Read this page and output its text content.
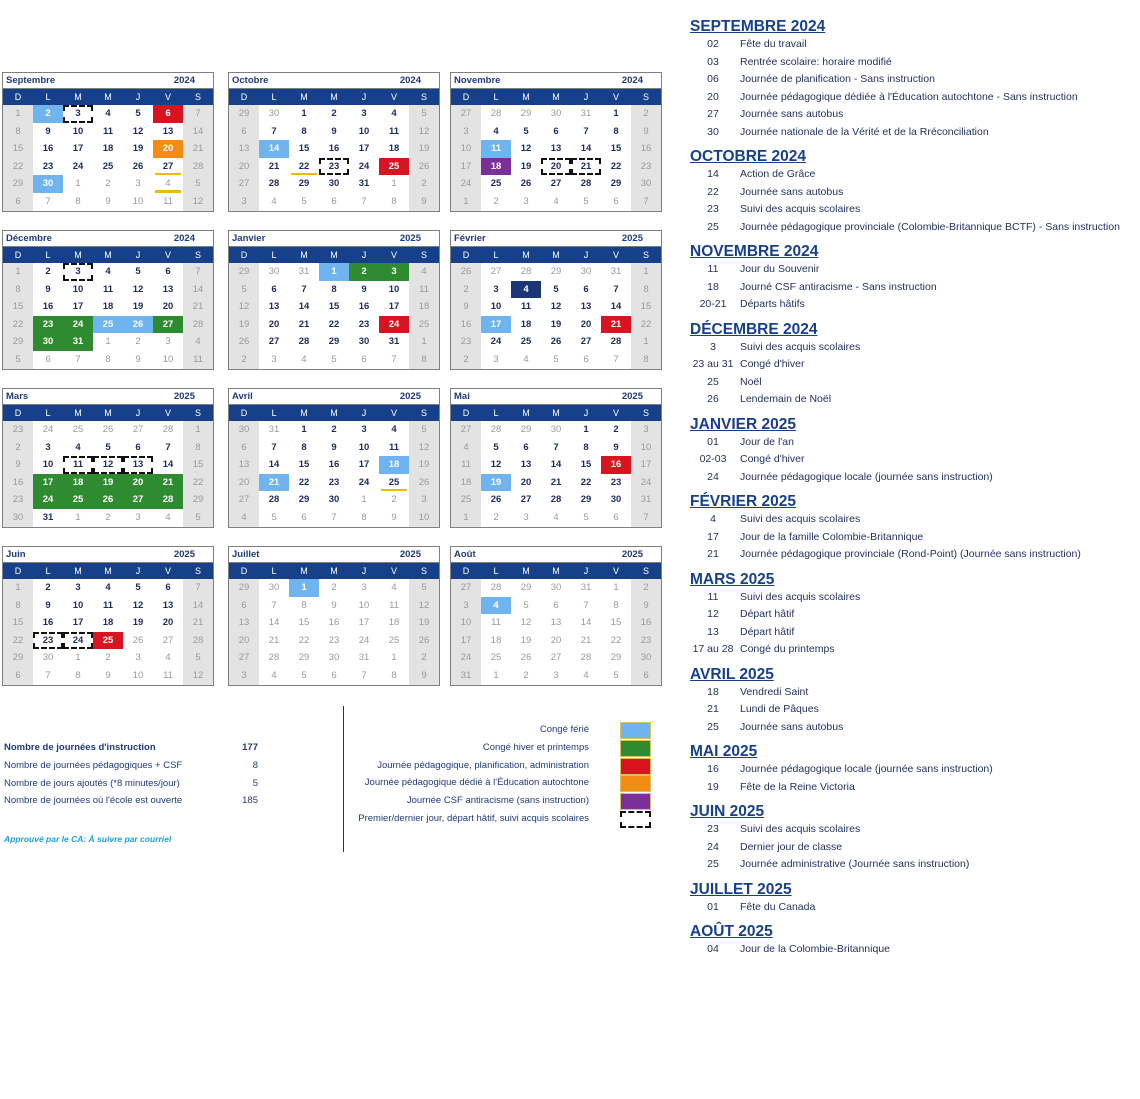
Septembre	2024
D	L	M	M	J	V	S
1	2	3	4	5	6	7
8	9	10	11	12	13	14
15	16	17	18	19	20	21
22	23	24	25	26	27	28
29	30	1	2	3	4	5
6	7	8	9	10	11	12
Octobre	2024
D	L	M	M	J	V	S
29	30	1	2	3	4	5
6	7	8	9	10	11	12
13	14	15	16	17	18	19
20	21	22	23	24	25	26
27	28	29	30	31	1	2
3	4	5	6	7	8	9
Novembre	2024
D	L	M	M	J	V	S
27	28	29	30	31	1	2
3	4	5	6	7	8	9
10	11	12	13	14	15	16
17	18	19	20	21	22	23
24	25	26	27	28	29	30
1	2	3	4	5	6	7
Décembre	2024
D	L	M	M	J	V	S
1	2	3	4	5	6	7
8	9	10	11	12	13	14
15	16	17	18	19	20	21
22	23	24	25	26	27	28
29	30	31	1	2	3	4
5	6	7	8	9	10	11
Janvier	2025
D	L	M	M	J	V	S
29	30	31	1	2	3	4
5	6	7	8	9	10	11
12	13	14	15	16	17	18
19	20	21	22	23	24	25
26	27	28	29	30	31	1
2	3	4	5	6	7	8
Février	2025
D	L	M	M	J	V	S
26	27	28	29	30	31	1
2	3	4	5	6	7	8
9	10	11	12	13	14	15
16	17	18	19	20	21	22
23	24	25	26	27	28	1
2	3	4	5	6	7	8
Mars	2025
D	L	M	M	J	V	S
23	24	25	26	27	28	1
2	3	4	5	6	7	8
9	10	11	12	13	14	15
16	17	18	19	20	21	22
23	24	25	26	27	28	29
30	31	1	2	3	4	5
Avril	2025
D	L	M	M	J	V	S
30	31	1	2	3	4	5
6	7	8	9	10	11	12
13	14	15	16	17	18	19
20	21	22	23	24	25	26
27	28	29	30	1	2	3
4	5	6	7	8	9	10
Mai	2025
D	L	M	M	J	V	S
27	28	29	30	1	2	3
4	5	6	7	8	9	10
11	12	13	14	15	16	17
18	19	20	21	22	23	24
25	26	27	28	29	30	31
1	2	3	4	5	6	7
Juin	2025
D	L	M	M	J	V	S
1	2	3	4	5	6	7
8	9	10	11	12	13	14
15	16	17	18	19	20	21
22	23	24	25	26	27	28
29	30	1	2	3	4	5
6	7	8	9	10	11	12
Juillet	2025
D	L	M	M	J	V	S
29	30	1	2	3	4	5
6	7	8	9	10	11	12
13	14	15	16	17	18	19
20	21	22	23	24	25	26
27	28	29	30	31	1	2
3	4	5	6	7	8	9
Août	2025
D	L	M	M	J	V	S
27	28	29	30	31	1	2
3	4	5	6	7	8	9
10	11	12	13	14	15	16
17	18	19	20	21	22	23
24	25	26	27	28	29	30
31	1	2	3	4	5	6
Nombre de journées d'instruction	177
Nombre de journées pédagogiques + CSF	8
Nombre de jours ajoutés (*8 minutes/jour)	5
Nombre de journées où l'école est ouverte	185
Approuvé par le CA: À suivre par courriel
Congé férié
Congé hiver et printemps
Journée pédagogique, planification, administration
Journée pédagogique dédié à l'Éducation autochtone
Journée CSF antiracisme (sans instruction)
Premier/dernier jour, départ hâtif, suivi acquis scolaires
SEPTEMBRE 2024
02	Fête du travail
03	Rentrée scolaire: horaire modifié
06	Journée de planification - Sans instruction
20	Journée pédagogique dédiée à l'Éducation autochtone - Sans instruction
27	Journée sans autobus
30	Journée nationale de la Vérité et de la Rréconciliation
OCTOBRE 2024
14	Action de Grâce
22	Journée sans autobus
23	Suivi des acquis scolaires
25	Journée pédagogique provinciale (Colombie-Britannique BCTF) - Sans instruction
NOVEMBRE 2024
11	Jour du Souvenir
18	Journé CSF antiracisme - Sans instruction
20-21	Départs hâtifs
DÉCEMBRE 2024
3	Suivi des acquis scolaires
23 au 31 Congé d'hiver
25	Noël
26	Lendemain de Noël
JANVIER 2025
01	Jour de l'an
02-03	Congé d'hiver
24	Journée pédagogique locale (journée sans instruction)
FÉVRIER 2025
4	Suivi des acquis scolaires
17	Jour de la famille Colombie-Britannique
21	Journée pédagogique provinciale (Rond-Point) (Journée sans instruction)
MARS 2025
11	Suivi des acquis scolaires
12	Départ hâtif
13	Départ hâtif
17 au 28 Congé du printemps
AVRIL 2025
18	Vendredi Saint
21	Lundi de Pâques
25	Journée sans autobus
MAI 2025
16	Journée pédagogique locale (journée sans instruction)
19	Fête de la Reine Victoria
JUIN 2025
23	Suivi des acquis scolaires
24	Dernier jour de classe
25	Journée administrative (Journée sans instruction)
JUILLET 2025
01	Fête du Canada
AOÛT 2025
04	Jour de la Colombie-Britannique
